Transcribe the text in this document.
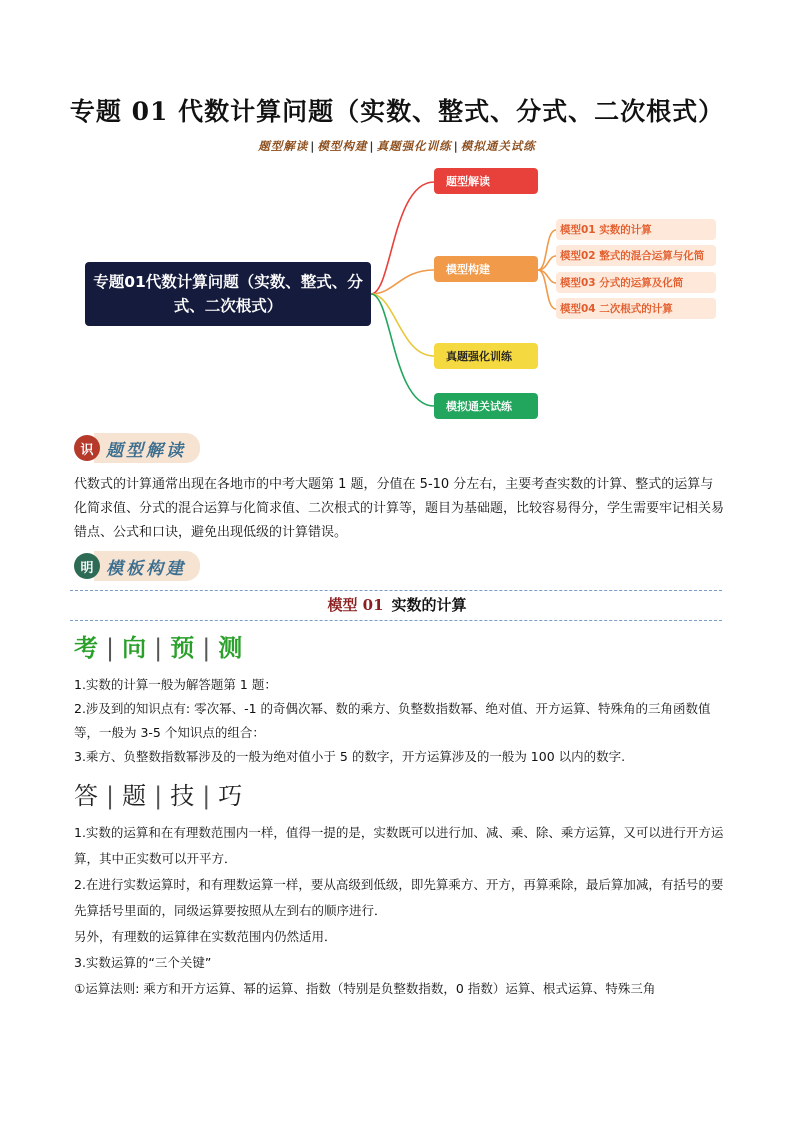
专题 01 代数计算问题（实数、整式、分式、二次根式）
题型解读 | 模型构建 | 真题强化训练 | 模拟通关试练
专题01代数计算问题（实数、整式、分式、二次根式）
题型解读
模型构建
真题强化训练
模拟通关试练
模型01 实数的计算
模型02 整式的混合运算与化简
模型03 分式的运算及化简
模型04 二次根式的计算
识 题型解读
代数式的计算通常出现在各地市的中考大题第 1 题，分值在 5-10 分左右，主要考查实数的计算、整式的运算与化简求值、分式的混合运算与化简求值、二次根式的计算等，题目为基础题，比较容易得分，学生需要牢记相关易错点、公式和口诀，避免出现低级的计算错误。
明 模板构建
模型 01 实数的计算
考 | 向 | 预 | 测
1.实数的计算一般为解答题第 1 题：
2.涉及到的知识点有: 零次幂、-1 的奇偶次幂、数的乘方、负整数指数幂、绝对值、开方运算、特殊角的三角函数值等，一般为 3-5 个知识点的组合：
3.乘方、负整数指数幂涉及的一般为绝对值小于 5 的数字，开方运算涉及的一般为 100 以内的数字.
答 | 题 | 技 | 巧
1.实数的运算和在有理数范围内一样，值得一提的是，实数既可以进行加、减、乘、除、乘方运算，又可以进行开方运算，其中正实数可以开平方．
2.在进行实数运算时，和有理数运算一样，要从高级到低级，即先算乘方、开方，再算乘除，最后算加减，有括号的要先算括号里面的，同级运算要按照从左到右的顺序进行．
另外，有理数的运算律在实数范围内仍然适用．
3.实数运算的“三个关键”
①运算法则: 乘方和开方运算、幂的运算、指数（特别是负整数指数，0 指数）运算、根式运算、特殊三角
